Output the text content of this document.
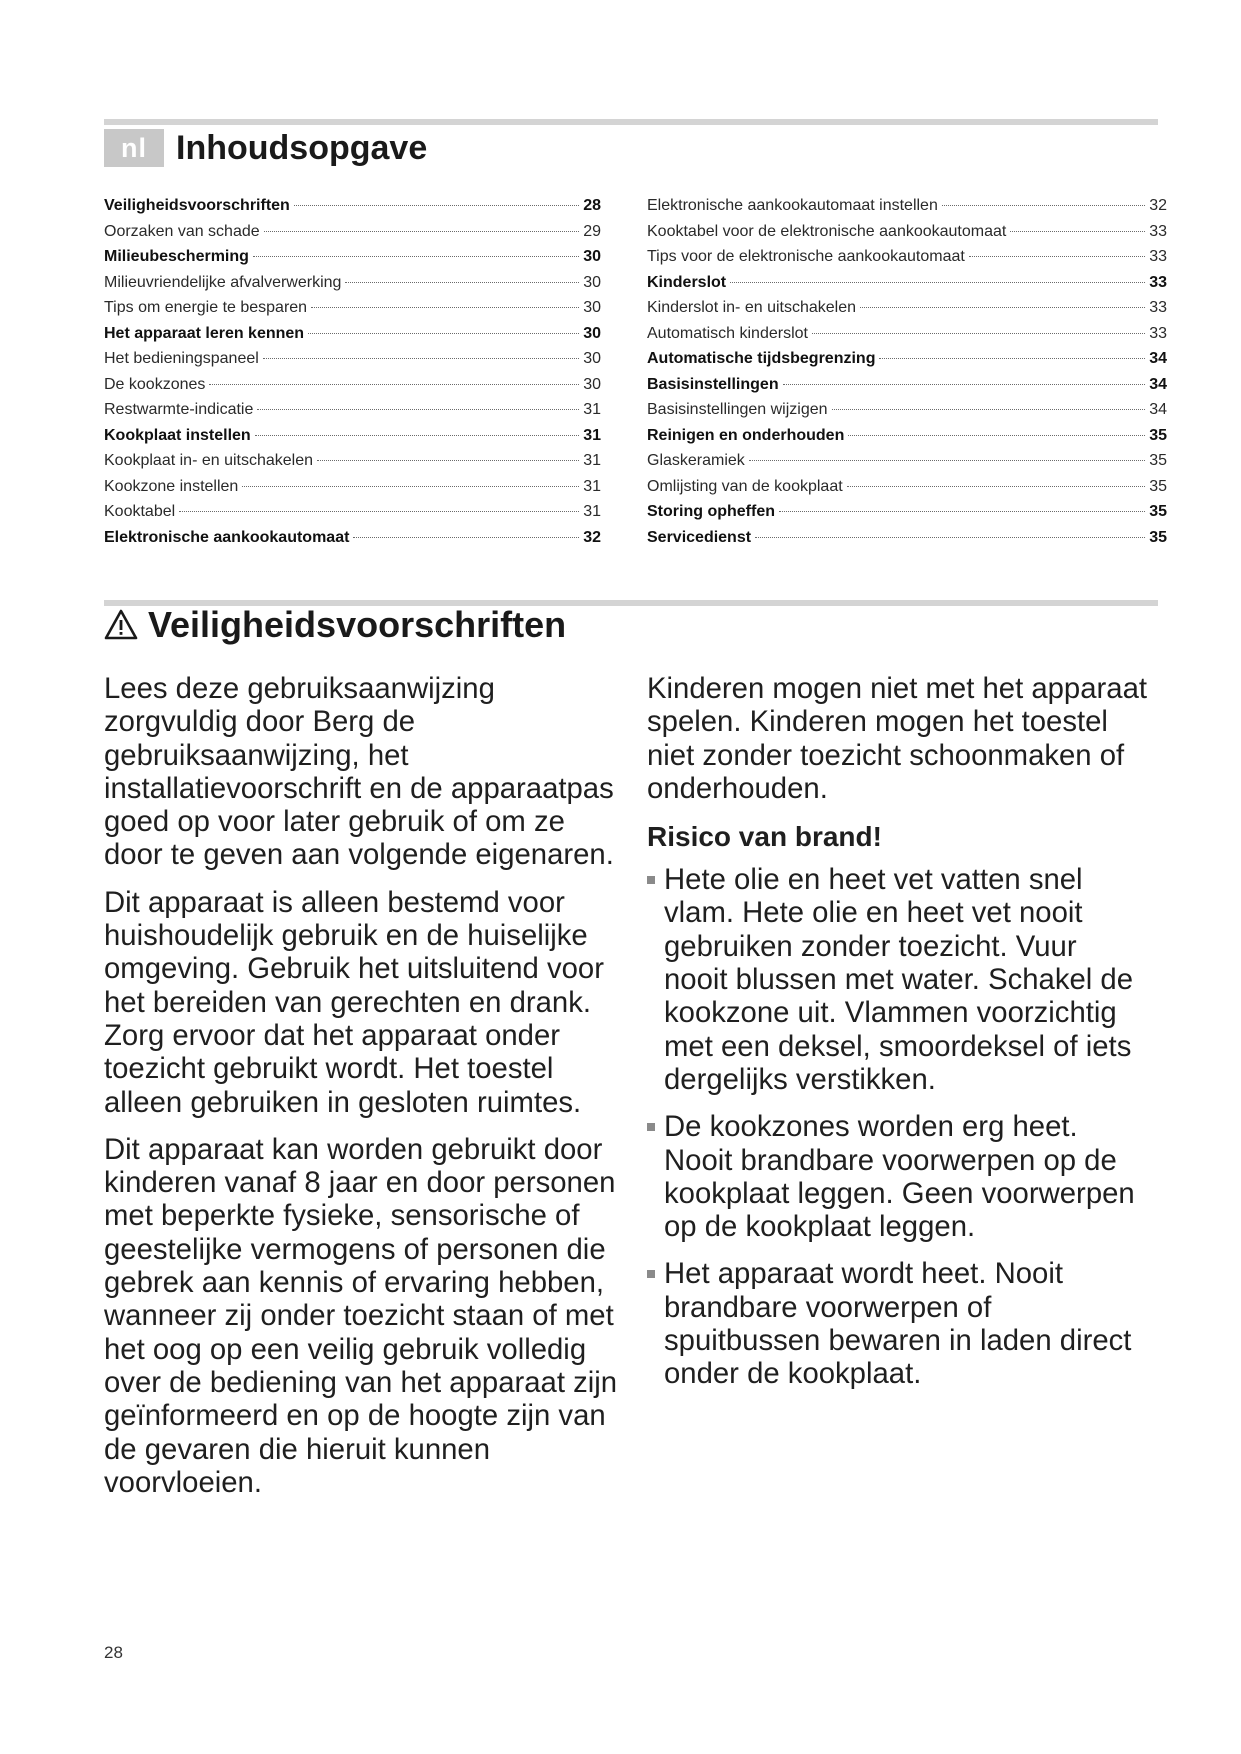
nl Inhoudsopgave
Veiligheidsvoorschriften	28
Oorzaken van schade	29
Milieubescherming	30
Milieuvriendelijke afvalverwerking	30
Tips om energie te besparen	30
Het apparaat leren kennen	30
Het bedieningspaneel	30
De kookzones	30
Restwarmte-indicatie	31
Kookplaat instellen	31
Kookplaat in- en uitschakelen	31
Kookzone instellen	31
Kooktabel	31
Elektronische aankookautomaat	32
Elektronische aankookautomaat instellen	32
Kooktabel voor de elektronische aankookautomaat	33
Tips voor de elektronische aankookautomaat	33
Kinderslot	33
Kinderslot in- en uitschakelen	33
Automatisch kinderslot	33
Automatische tijdsbegrenzing	34
Basisinstellingen	34
Basisinstellingen wijzigen	34
Reinigen en onderhouden	35
Glaskeramiek	35
Omlijsting van de kookplaat	35
Storing opheffen	35
Servicedienst	35
Veiligheidsvoorschriften

Lees deze gebruiksaanwijzing zorgvuldig door Berg de gebruiksaanwijzing, het installatievoorschrift en de apparaatpas goed op voor later gebruik of om ze door te geven aan volgende eigenaren.

Dit apparaat is alleen bestemd voor huishoudelijk gebruik en de huiselijke omgeving. Gebruik het uitsluitend voor het bereiden van gerechten en drank. Zorg ervoor dat het apparaat onder toezicht gebruikt wordt. Het toestel alleen gebruiken in gesloten ruimtes.

Dit apparaat kan worden gebruikt door kinderen vanaf 8 jaar en door personen met beperkte fysieke, sensorische of geestelijke vermogens of personen die gebrek aan kennis of ervaring hebben, wanneer zij onder toezicht staan of met het oog op een veilig gebruik volledig over de bediening van het apparaat zijn geïnformeerd en op de hoogte zijn van de gevaren die hieruit kunnen voorvloeien.

Kinderen mogen niet met het apparaat spelen. Kinderen mogen het toestel niet zonder toezicht schoonmaken of onderhouden.

Risico van brand!
Hete olie en heet vet vatten snel vlam. Hete olie en heet vet nooit gebruiken zonder toezicht. Vuur nooit blussen met water. Schakel de kookzone uit. Vlammen voorzichtig met een deksel, smoordeksel of iets dergelijks verstikken.
De kookzones worden erg heet. Nooit brandbare voorwerpen op de kookplaat leggen. Geen voorwerpen op de kookplaat leggen.
Het apparaat wordt heet. Nooit brandbare voorwerpen of spuitbussen bewaren in laden direct onder de kookplaat.
28
